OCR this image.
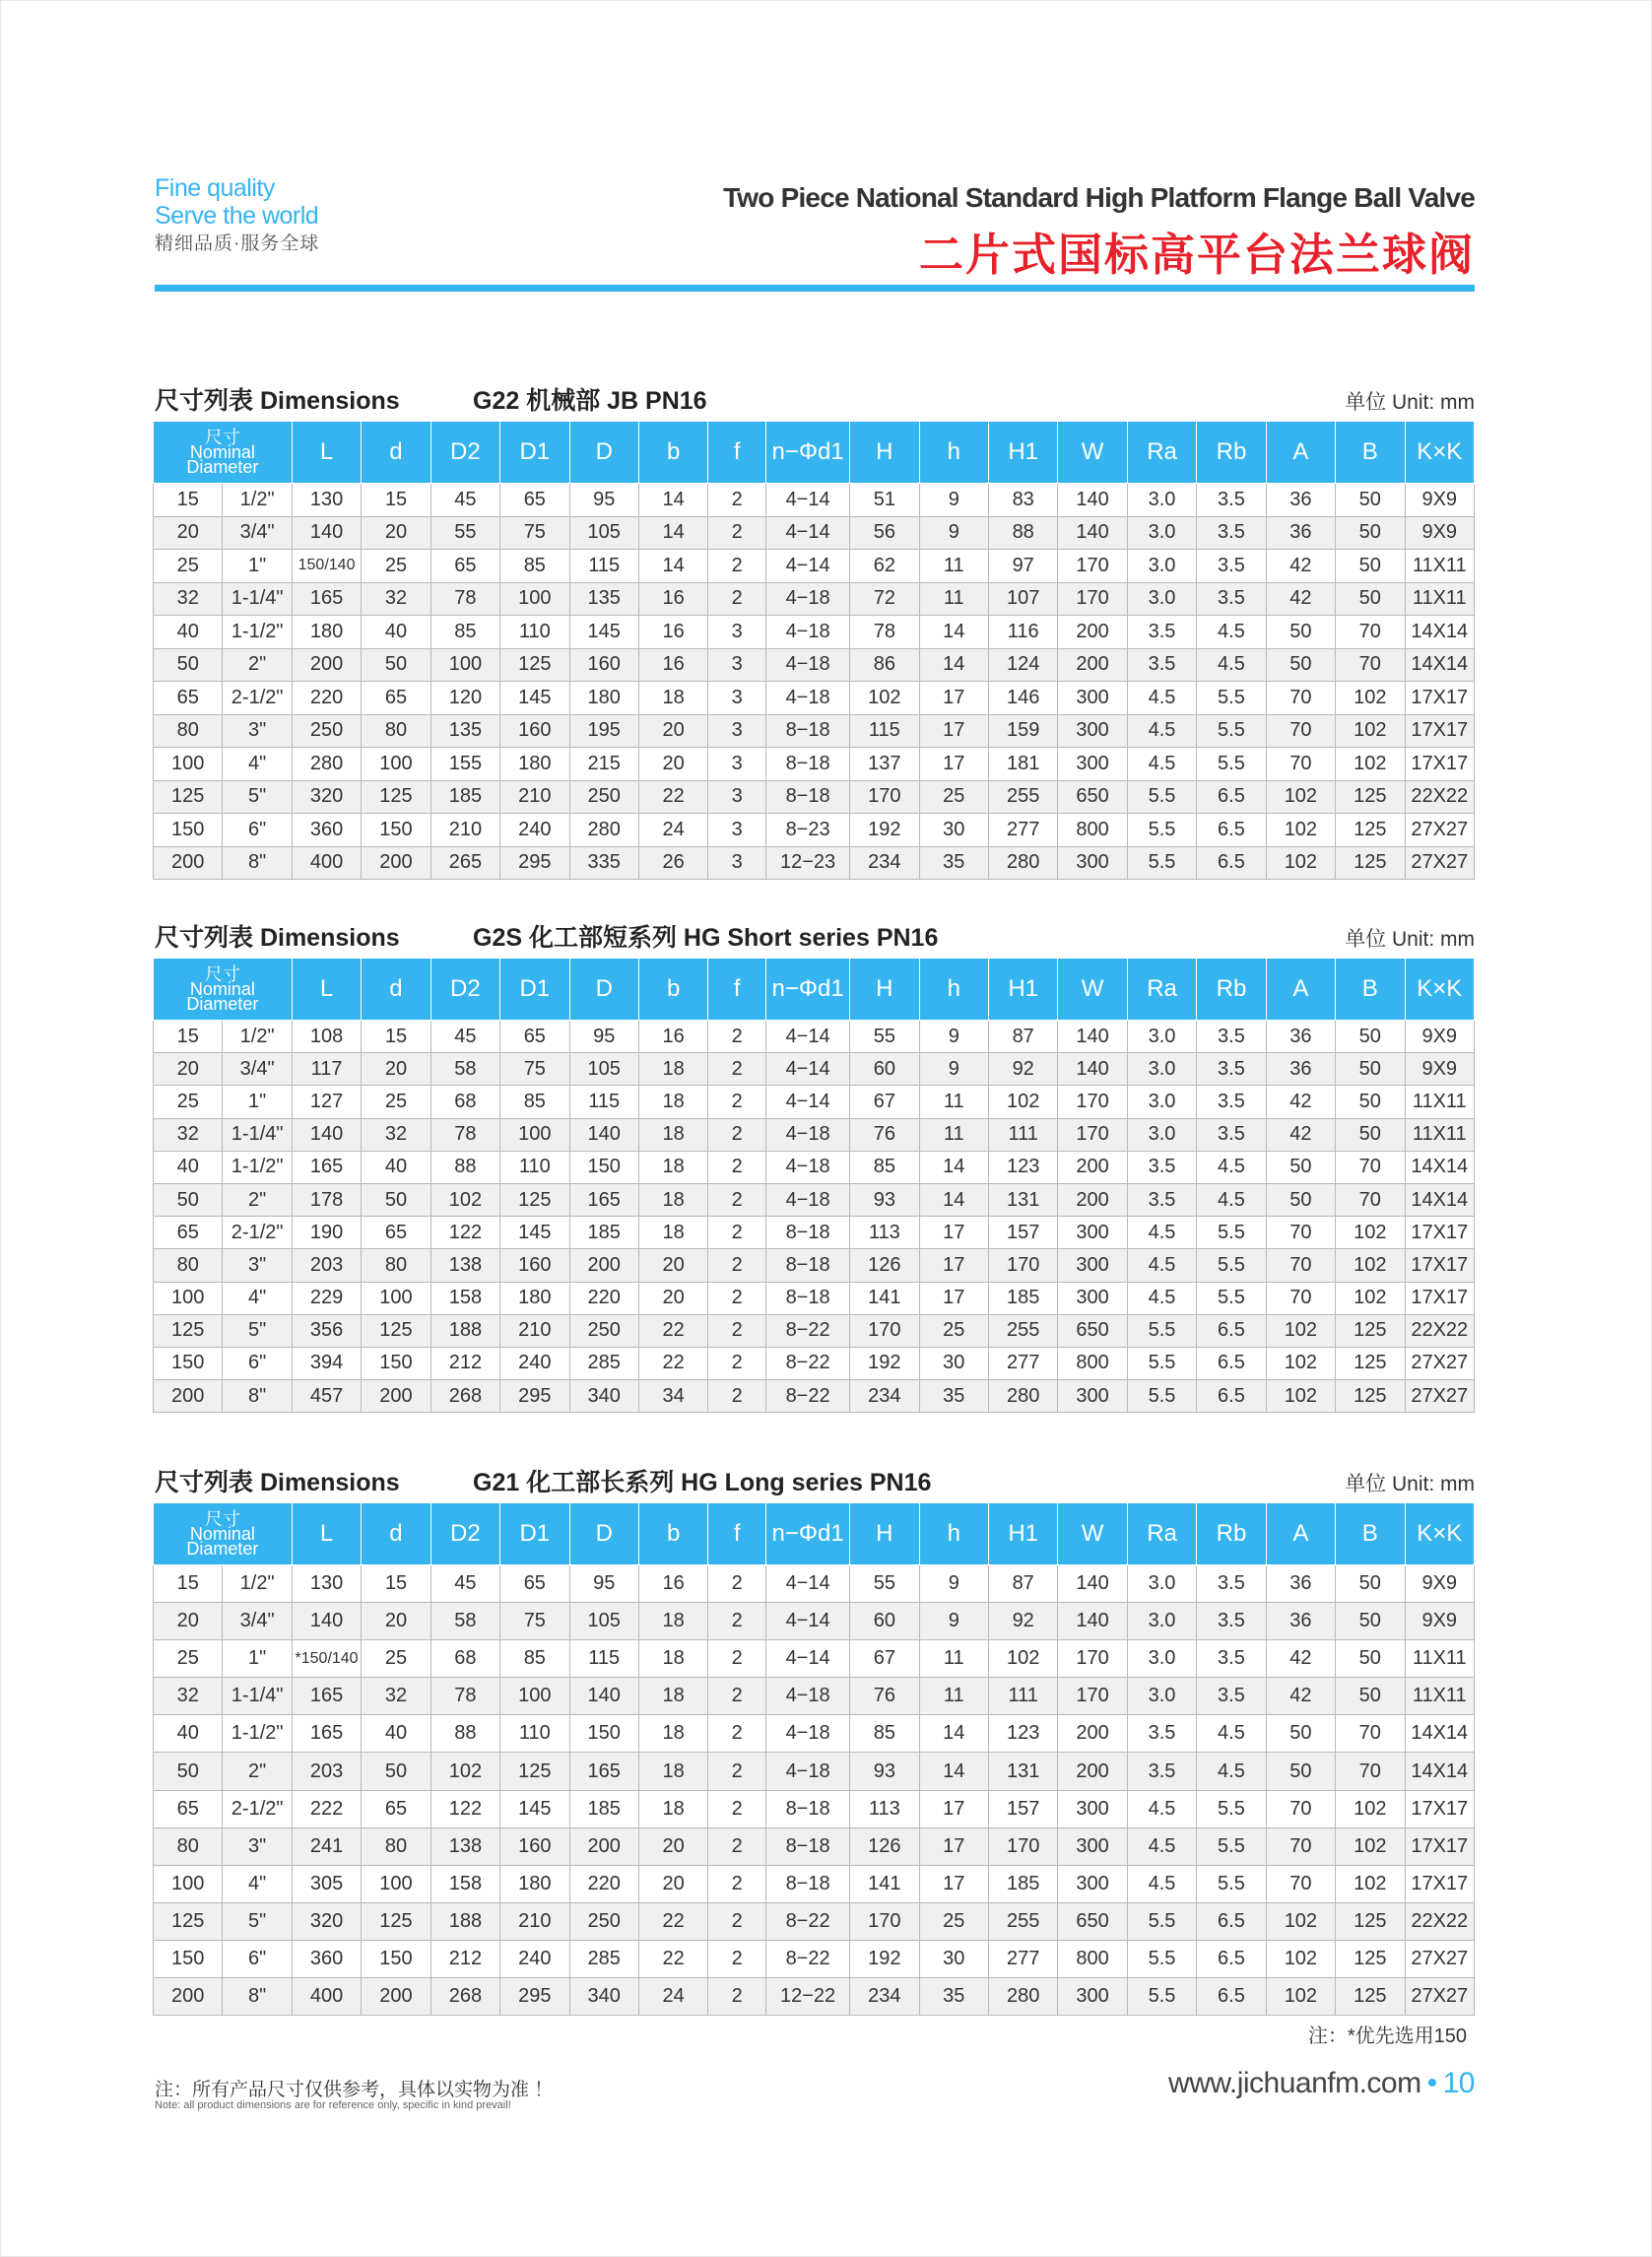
Fine quality
Serve the world
精细品质·服务全球
Two Piece National Standard High Platform Flange Ball Valve
二片式国标高平台法兰球阀
尺寸列表 Dimensions	G22 机械部 JB PN16	单位 Unit: mm
尺寸
Nominal
Diameter		L	d	D2	D1	D	b	f	n−Φd1	H	h	H1	W	Ra	Rb	A	B	K×K
15	1/2"	130	15	45	65	95	14	2	4−14	51	9	83	140	3.0	3.5	36	50	9X9
20	3/4"	140	20	55	75	105	14	2	4−14	56	9	88	140	3.0	3.5	36	50	9X9
25	1"	150/140	25	65	85	115	14	2	4−14	62	11	97	170	3.0	3.5	42	50	11X11
32	1-1/4"	165	32	78	100	135	16	2	4−18	72	11	107	170	3.0	3.5	42	50	11X11
40	1-1/2"	180	40	85	110	145	16	3	4−18	78	14	116	200	3.5	4.5	50	70	14X14
50	2"	200	50	100	125	160	16	3	4−18	86	14	124	200	3.5	4.5	50	70	14X14
65	2-1/2"	220	65	120	145	180	18	3	4−18	102	17	146	300	4.5	5.5	70	102	17X17
80	3"	250	80	135	160	195	20	3	8−18	115	17	159	300	4.5	5.5	70	102	17X17
100	4"	280	100	155	180	215	20	3	8−18	137	17	181	300	4.5	5.5	70	102	17X17
125	5"	320	125	185	210	250	22	3	8−18	170	25	255	650	5.5	6.5	102	125	22X22
150	6"	360	150	210	240	280	24	3	8−23	192	30	277	800	5.5	6.5	102	125	27X27
200	8"	400	200	265	295	335	26	3	12−23	234	35	280	300	5.5	6.5	102	125	27X27
尺寸列表 Dimensions	G2S 化工部短系列 HG Short series PN16	单位 Unit: mm
尺寸
Nominal
Diameter		L	d	D2	D1	D	b	f	n−Φd1	H	h	H1	W	Ra	Rb	A	B	K×K
15	1/2"	108	15	45	65	95	16	2	4−14	55	9	87	140	3.0	3.5	36	50	9X9
20	3/4"	117	20	58	75	105	18	2	4−14	60	9	92	140	3.0	3.5	36	50	9X9
25	1"	127	25	68	85	115	18	2	4−14	67	11	102	170	3.0	3.5	42	50	11X11
32	1-1/4"	140	32	78	100	140	18	2	4−18	76	11	111	170	3.0	3.5	42	50	11X11
40	1-1/2"	165	40	88	110	150	18	2	4−18	85	14	123	200	3.5	4.5	50	70	14X14
50	2"	178	50	102	125	165	18	2	4−18	93	14	131	200	3.5	4.5	50	70	14X14
65	2-1/2"	190	65	122	145	185	18	2	8−18	113	17	157	300	4.5	5.5	70	102	17X17
80	3"	203	80	138	160	200	20	2	8−18	126	17	170	300	4.5	5.5	70	102	17X17
100	4"	229	100	158	180	220	20	2	8−18	141	17	185	300	4.5	5.5	70	102	17X17
125	5"	356	125	188	210	250	22	2	8−22	170	25	255	650	5.5	6.5	102	125	22X22
150	6"	394	150	212	240	285	22	2	8−22	192	30	277	800	5.5	6.5	102	125	27X27
200	8"	457	200	268	295	340	34	2	8−22	234	35	280	300	5.5	6.5	102	125	27X27
尺寸列表 Dimensions	G21 化工部长系列 HG Long series PN16	单位 Unit: mm
尺寸
Nominal
Diameter		L	d	D2	D1	D	b	f	n−Φd1	H	h	H1	W	Ra	Rb	A	B	K×K
15	1/2"	130	15	45	65	95	16	2	4−14	55	9	87	140	3.0	3.5	36	50	9X9
20	3/4"	140	20	58	75	105	18	2	4−14	60	9	92	140	3.0	3.5	36	50	9X9
25	1"	*150/140	25	68	85	115	18	2	4−14	67	11	102	170	3.0	3.5	42	50	11X11
32	1-1/4"	165	32	78	100	140	18	2	4−18	76	11	111	170	3.0	3.5	42	50	11X11
40	1-1/2"	165	40	88	110	150	18	2	4−18	85	14	123	200	3.5	4.5	50	70	14X14
50	2"	203	50	102	125	165	18	2	4−18	93	14	131	200	3.5	4.5	50	70	14X14
65	2-1/2"	222	65	122	145	185	18	2	8−18	113	17	157	300	4.5	5.5	70	102	17X17
80	3"	241	80	138	160	200	20	2	8−18	126	17	170	300	4.5	5.5	70	102	17X17
100	4"	305	100	158	180	220	20	2	8−18	141	17	185	300	4.5	5.5	70	102	17X17
125	5"	320	125	188	210	250	22	2	8−22	170	25	255	650	5.5	6.5	102	125	22X22
150	6"	360	150	212	240	285	22	2	8−22	192	30	277	800	5.5	6.5	102	125	27X27
200	8"	400	200	268	295	340	24	2	12−22	234	35	280	300	5.5	6.5	102	125	27X27
注：*优先选用150
注：所有产品尺寸仅供参考，具体以实物为准 ！
Note: all product dimensions are for reference only, specific in kind prevail!
www.jichuanfm.com • 10
